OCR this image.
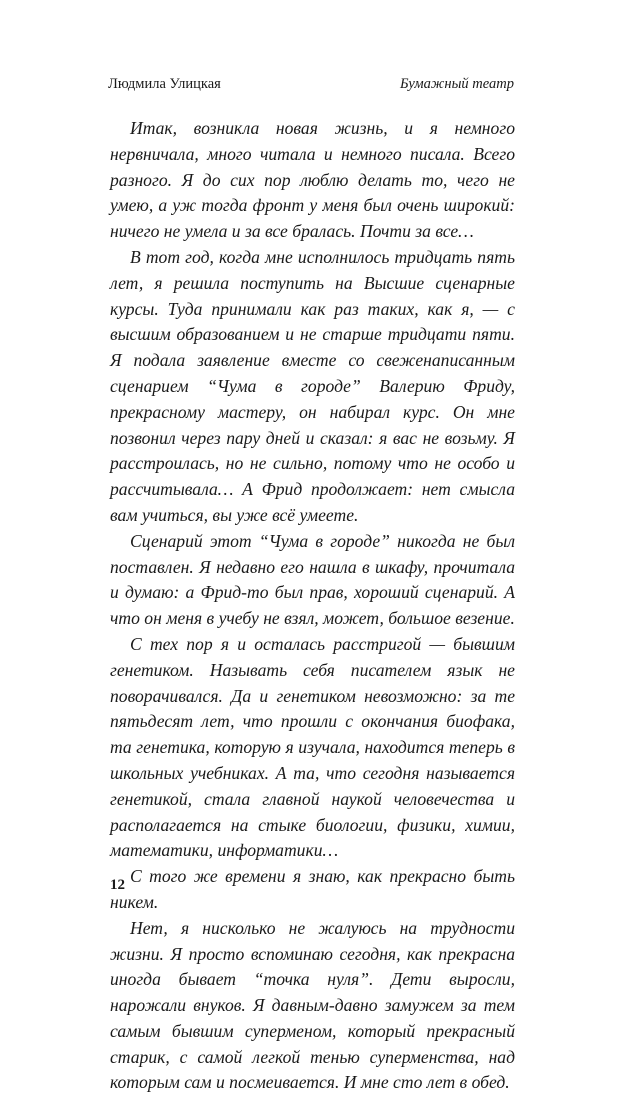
Людмила Улицкая	Бумажный театр

Итак, возникла новая жизнь, и я немного нервничала, много читала и немного писала. Всего разного. Я до сих пор люблю делать то, чего не умею, а уж тогда фронт у меня был очень широкий: ничего не умела и за все бралась. Почти за все…

В тот год, когда мне исполнилось тридцать пять лет, я решила поступить на Высшие сценарные курсы. Туда принимали как раз таких, как я, — с высшим образованием и не старше тридцати пяти. Я подала заявление вместе со свеженаписанным сценарием “Чума в городе” Валерию Фриду, прекрасному мастеру, он набирал курс. Он мне позвонил через пару дней и сказал: я вас не возьму. Я расстроилась, но не сильно, потому что не особо и рассчитывала… А Фрид продолжает: нет смысла вам учиться, вы уже всё умеете.

Сценарий этот “Чума в городе” никогда не был поставлен. Я недавно его нашла в шкафу, прочитала и думаю: а Фрид-то был прав, хороший сценарий. А что он меня в учебу не взял, может, большое везение.

С тех пор я и осталась расстригой — бывшим генетиком. Называть себя писателем язык не поворачивался. Да и генетиком невозможно: за те пятьдесят лет, что прошли с окончания биофака, та генетика, которую я изучала, находится теперь в школьных учебниках. А та, что сегодня называется генетикой, стала главной наукой человечества и располагается на стыке биологии, физики, химии, математики, информатики…

С того же времени я знаю, как прекрасно быть никем.

Нет, я нисколько не жалуюсь на трудности жизни. Я просто вспоминаю сегодня, как прекрасна иногда бывает “точка нуля”. Дети выросли, нарожали внуков. Я давным-давно замужем за тем самым бывшим суперменом, который прекрасный старик, с самой легкой тенью суперменства, над которым сам и посмеивается. И мне сто лет в обед.

12
